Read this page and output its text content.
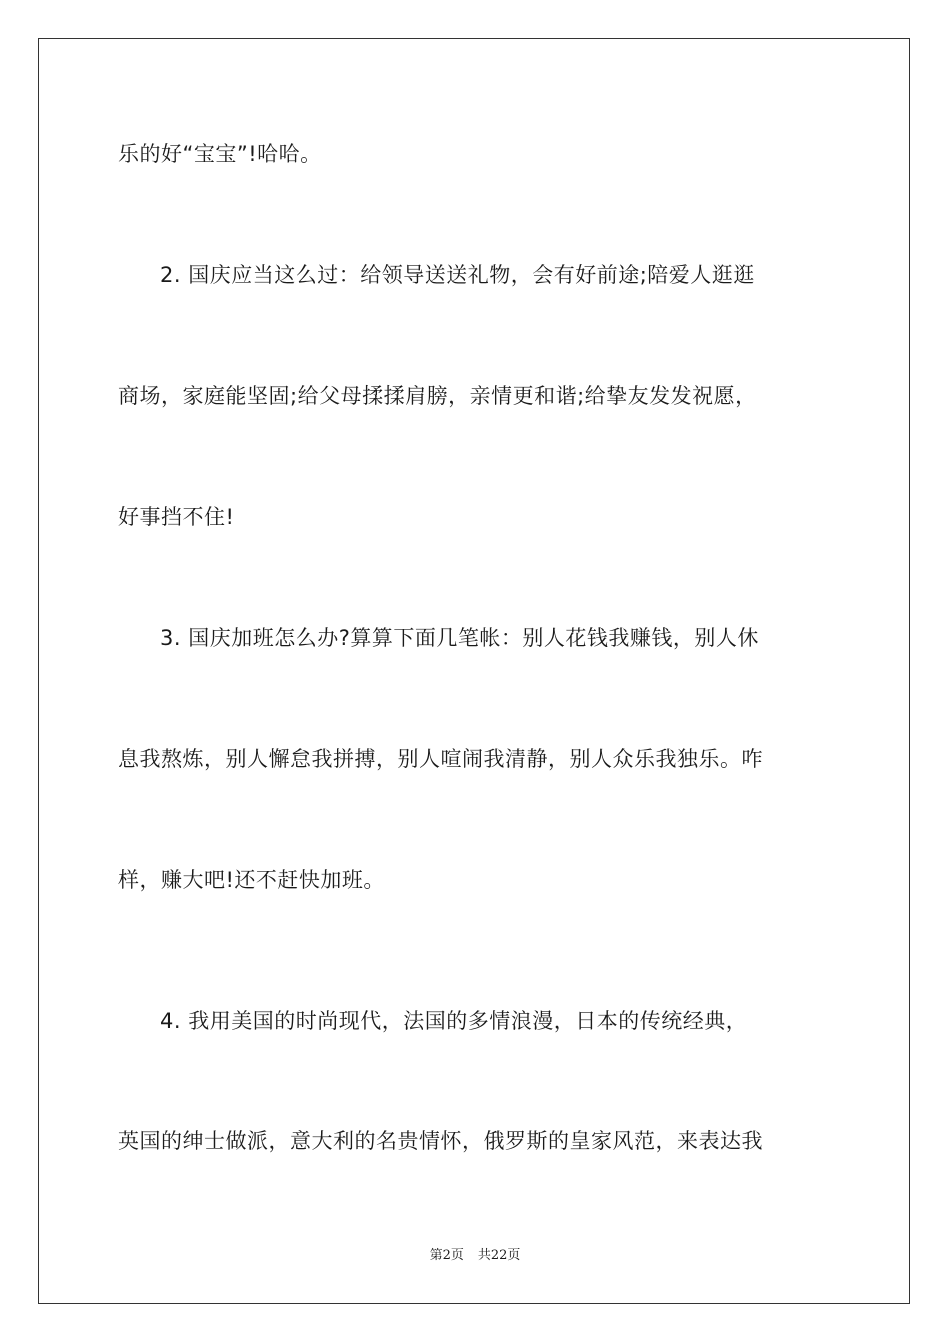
乐的好“宝宝”!哈哈。
2. 国庆应当这么过：给领导送送礼物，会有好前途;陪爱人逛逛
商场，家庭能坚固;给父母揉揉肩膀，亲情更和谐;给挚友发发祝愿，
好事挡不住!
3. 国庆加班怎么办?算算下面几笔帐：别人花钱我赚钱，别人休
息我熬炼，别人懈怠我拼搏，别人喧闹我清静，别人众乐我独乐。咋
样，赚大吧!还不赶快加班。
4. 我用美国的时尚现代，法国的多情浪漫，日本的传统经典，
英国的绅士做派，意大利的名贵情怀，俄罗斯的皇家风范，来表达我
第2页 共22页
